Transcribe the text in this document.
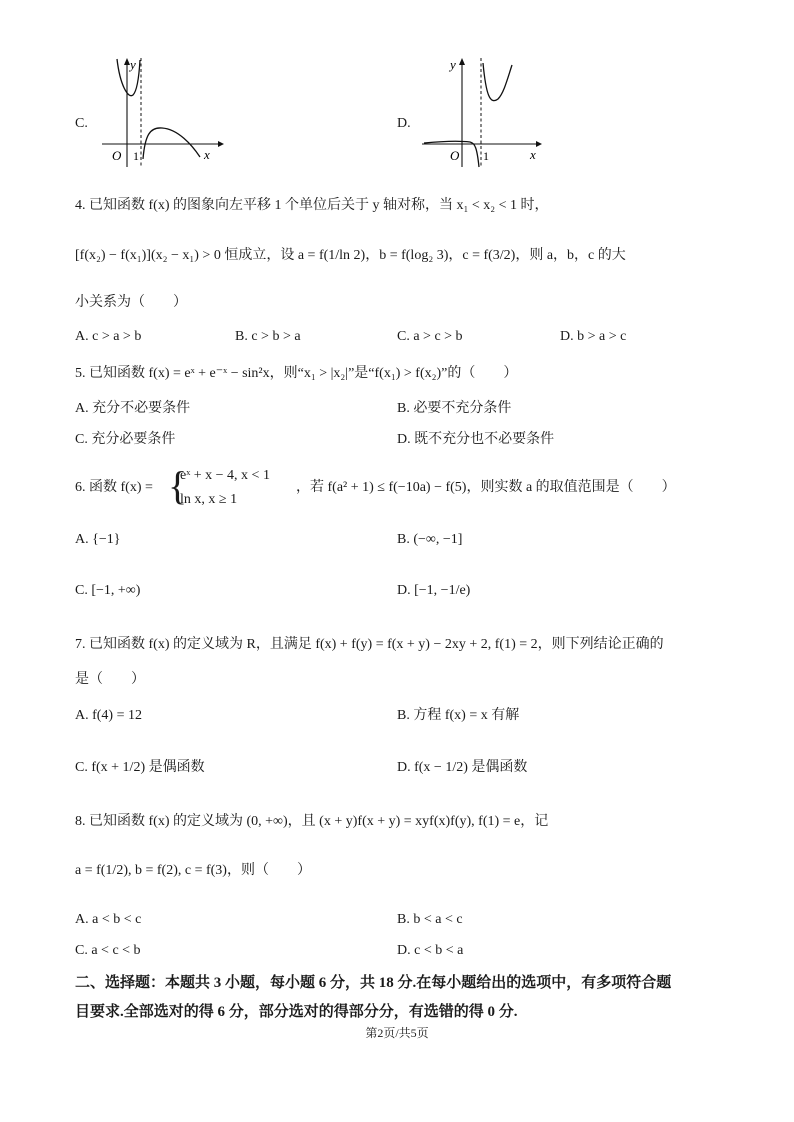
C.
y
x
O 1
D.
y
x
O 1
4. 已知函数 f(x) 的图象向左平移 1 个单位后关于 y 轴对称，当 x₁ < x₂ < 1 时，
[f(x₂) − f(x₁)](x₂ − x₁) > 0 恒成立，设 a = f(1/ln 2)，b = f(log₂ 3)，c = f(3/2)，则 a，b，c 的大
小关系为（　　）
A. c > a > b	B. c > b > a	C. a > c > b	D. b > a > c
5. 已知函数 f(x) = eˣ + e⁻ˣ − sin²x，则“x₁ > |x₂|”是“f(x₁) > f(x₂)”的（　　）
A. 充分不必要条件	B. 必要不充分条件
C. 充分必要条件	D. 既不充分也不必要条件
6. 函数 f(x) = {
eˣ + x − 4, x < 1
ln x, x ≥ 1
，若 f(a² + 1) ≤ f(−10a) − f(5)，则实数 a 的取值范围是（　　）
A. {−1}	B. (−∞, −1]
C. [−1, +∞)	D. [−1, −1/e)
7. 已知函数 f(x) 的定义域为 R，且满足 f(x) + f(y) = f(x + y) − 2xy + 2, f(1) = 2，则下列结论正确的
是（　　）
A. f(4) = 12	B. 方程 f(x) = x 有解
C. f(x + 1/2) 是偶函数	D. f(x − 1/2) 是偶函数
8. 已知函数 f(x) 的定义域为 (0, +∞)，且 (x + y)f(x + y) = xyf(x)f(y), f(1) = e，记
a = f(1/2), b = f(2), c = f(3)，则（　　）
A. a < b < c	B. b < a < c
C. a < c < b	D. c < b < a
二、选择题：本题共 3 小题，每小题 6 分，共 18 分.在每小题给出的选项中，有多项符合题
目要求.全部选对的得 6 分，部分选对的得部分分，有选错的得 0 分.
第2页/共5页
